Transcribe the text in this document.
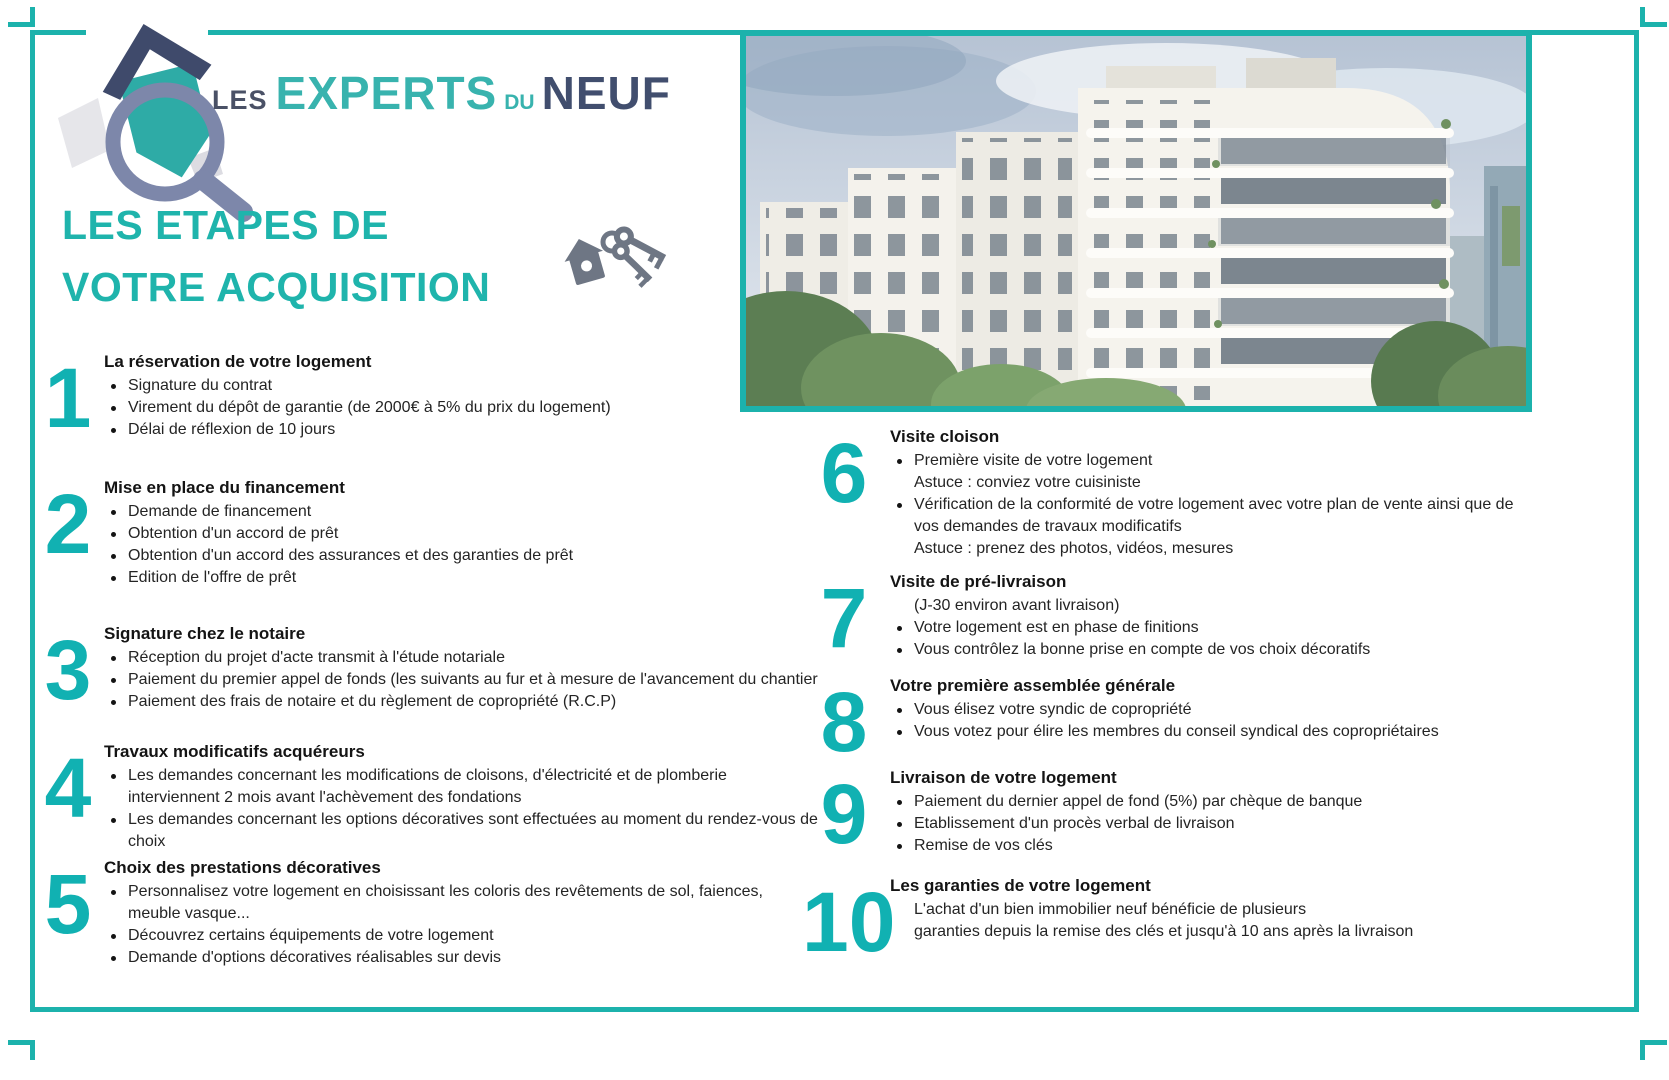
LES EXPERTS DU NEUF
LES ETAPES DE
VOTRE ACQUISITION
1 La réservation de votre logement
Signature du contrat
Virement du dépôt de garantie (de 2000€ à 5% du prix du logement)
Délai de réflexion de 10 jours
2 Mise en place du financement
Demande de financement
Obtention d'un accord de prêt
Obtention d'un accord des assurances et des garanties de prêt
Edition de l'offre de prêt
3 Signature chez le notaire
Réception du projet d'acte transmit à l'étude notariale
Paiement du premier appel de fonds (les suivants au fur et à mesure de l'avancement du chantier
Paiement des frais de notaire et du règlement de copropriété (R.C.P)
4 Travaux modificatifs acquéreurs
Les demandes concernant les modifications de cloisons, d'électricité et de plomberie interviennent 2 mois avant l'achèvement des fondations
Les demandes concernant les options décoratives sont effectuées au moment du rendez-vous de choix
5 Choix des prestations décoratives
Personnalisez votre logement en choisissant les coloris des revêtements de sol, faiences, meuble vasque...
Découvrez certains équipements de votre logement
Demande d'options décoratives réalisables sur devis
6	Visite cloison
Première visite de votre logement
Astuce : conviez votre cuisiniste
Vérification de la conformité de votre logement avec votre plan de vente ainsi que de vos demandes de travaux modificatifs
Astuce : prenez des photos, vidéos, mesures
7	Visite de pré-livraison
(J-30 environ avant livraison)
Votre logement est en phase de finitions
Vous contrôlez la bonne prise en compte de vos choix décoratifs
8	Votre première assemblée générale
Vous élisez votre syndic de copropriété
Vous votez pour élire les membres du conseil syndical des copropriétaires
9	Livraison de votre logement
Paiement du dernier appel de fond (5%) par chèque de banque
Etablissement d'un procès verbal de livraison
Remise de vos clés
10
Les garanties de votre logement
L'achat d'un bien immobilier neuf bénéficie de plusieurs
garanties depuis la remise des clés et jusqu'à 10 ans après la livraison
